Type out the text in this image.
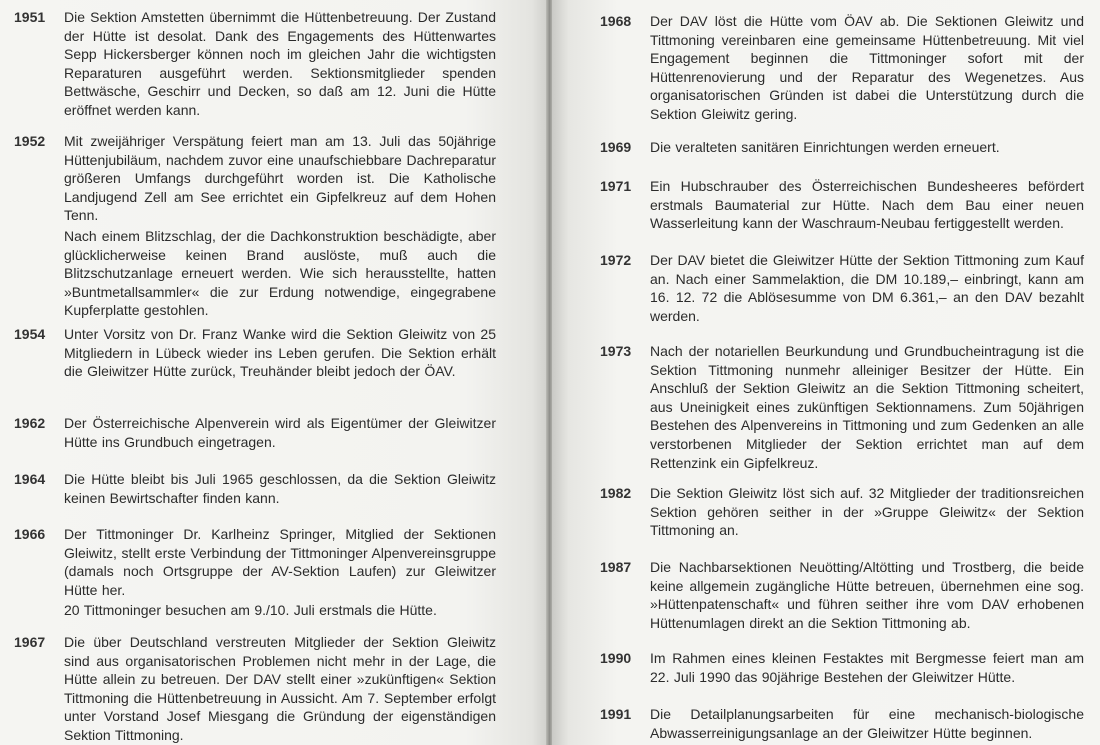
1951 Die Sektion Amstetten übernimmt die Hüttenbetreuung. Der Zustand der Hütte ist desolat. Dank des Engagements des Hüttenwartes Sepp Hickersberger können noch im gleichen Jahr die wichtigsten Reparaturen ausgeführt werden. Sektionsmitglieder spenden Bettwäsche, Geschirr und Decken, so daß am 12. Juni die Hütte eröffnet werden kann.

1952 Mit zweijähriger Verspätung feiert man am 13. Juli das 50jährige Hüttenjubiläum, nachdem zuvor eine unaufschiebbare Dachreparatur größeren Umfangs durchgeführt worden ist. Die Katholische Landjugend Zell am See errichtet ein Gipfelkreuz auf dem Hohen Tenn.

Nach einem Blitzschlag, der die Dachkonstruktion beschädigte, aber glücklicherweise keinen Brand auslöste, muß auch die Blitzschutzanlage erneuert werden. Wie sich herausstellte, hatten »Buntmetallsammler« die zur Erdung notwendige, eingegrabene Kupferplatte gestohlen.

1954 Unter Vorsitz von Dr. Franz Wanke wird die Sektion Gleiwitz von 25 Mitgliedern in Lübeck wieder ins Leben gerufen. Die Sektion erhält die Gleiwitzer Hütte zurück, Treuhänder bleibt jedoch der ÖAV.

1962 Der Österreichische Alpenverein wird als Eigentümer der Gleiwitzer Hütte ins Grundbuch eingetragen.

1964 Die Hütte bleibt bis Juli 1965 geschlossen, da die Sektion Gleiwitz keinen Bewirtschafter finden kann.

1966 Der Tittmoninger Dr. Karlheinz Springer, Mitglied der Sektionen Gleiwitz, stellt erste Verbindung der Tittmoninger Alpenvereinsgruppe (damals noch Ortsgruppe der AV-Sektion Laufen) zur Gleiwitzer Hütte her.

20 Tittmoninger besuchen am 9./10. Juli erstmals die Hütte.

1967 Die über Deutschland verstreuten Mitglieder der Sektion Gleiwitz sind aus organisatorischen Problemen nicht mehr in der Lage, die Hütte allein zu betreuen. Der DAV stellt einer »zukünftigen« Sektion Tittmoning die Hüttenbetreuung in Aussicht. Am 7. September erfolgt unter Vorstand Josef Miesgang die Gründung der eigenständigen Sektion Tittmoning.

1968 Der DAV löst die Hütte vom ÖAV ab. Die Sektionen Gleiwitz und Tittmoning vereinbaren eine gemeinsame Hüttenbetreuung. Mit viel Engagement beginnen die Tittmoninger sofort mit der Hüttenrenovierung und der Reparatur des Wegenetzes. Aus organisatorischen Gründen ist dabei die Unterstützung durch die Sektion Gleiwitz gering.

1969 Die veralteten sanitären Einrichtungen werden erneuert.

1971 Ein Hubschrauber des Österreichischen Bundesheeres befördert erstmals Baumaterial zur Hütte. Nach dem Bau einer neuen Wasserleitung kann der Waschraum-Neubau fertiggestellt werden.

1972 Der DAV bietet die Gleiwitzer Hütte der Sektion Tittmoning zum Kauf an. Nach einer Sammelaktion, die DM 10.189,– einbringt, kann am 16. 12. 72 die Ablösesumme von DM 6.361,– an den DAV bezahlt werden.

1973 Nach der notariellen Beurkundung und Grundbucheintragung ist die Sektion Tittmoning nunmehr alleiniger Besitzer der Hütte. Ein Anschluß der Sektion Gleiwitz an die Sektion Tittmoning scheitert, aus Uneinigkeit eines zukünftigen Sektionnamens. Zum 50jährigen Bestehen des Alpenvereins in Tittmoning und zum Gedenken an alle verstorbenen Mitglieder der Sektion errichtet man auf dem Rettenzink ein Gipfelkreuz.

1982 Die Sektion Gleiwitz löst sich auf. 32 Mitglieder der traditionsreichen Sektion gehören seither in der »Gruppe Gleiwitz« der Sektion Tittmoning an.

1987 Die Nachbarsektionen Neuötting/Altötting und Trostberg, die beide keine allgemein zugängliche Hütte betreuen, übernehmen eine sog. »Hüttenpatenschaft« und führen seither ihre vom DAV erhobenen Hüttenumlagen direkt an die Sektion Tittmoning ab.

1990 Im Rahmen eines kleinen Festaktes mit Bergmesse feiert man am 22. Juli 1990 das 90jährige Bestehen der Gleiwitzer Hütte.

1991 Die Detailplanungsarbeiten für eine mechanisch-biologische Abwasserreinigungsanlage an der Gleiwitzer Hütte beginnen.
